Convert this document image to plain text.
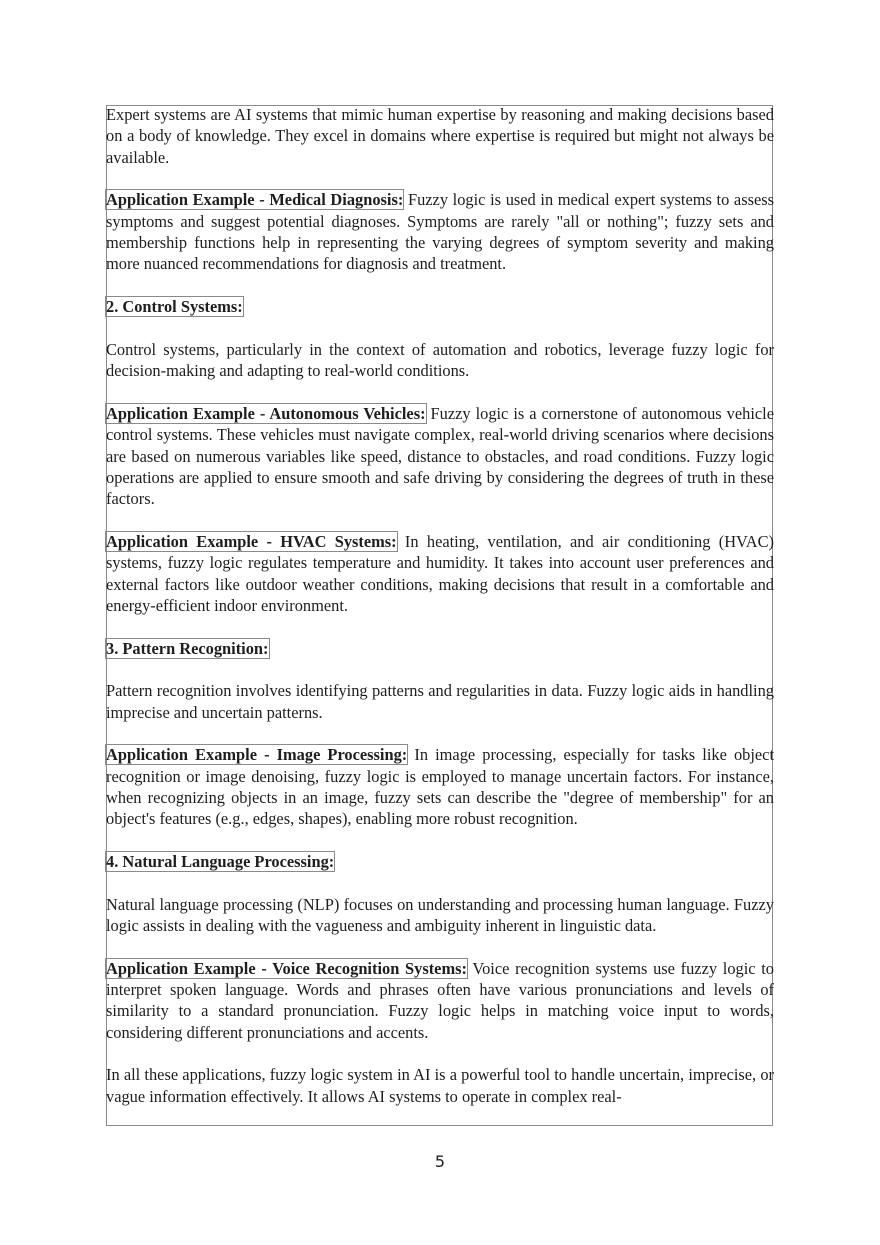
Expert systems are AI systems that mimic human expertise by reasoning and making decisions based on a body of knowledge. They excel in domains where expertise is required but might not always be available.

Application Example - Medical Diagnosis: Fuzzy logic is used in medical expert systems to assess symptoms and suggest potential diagnoses. Symptoms are rarely "all or nothing"; fuzzy sets and membership functions help in representing the varying degrees of symptom severity and making more nuanced recommendations for diagnosis and treatment.

2. Control Systems:

Control systems, particularly in the context of automation and robotics, leverage fuzzy logic for decision-making and adapting to real-world conditions.

Application Example - Autonomous Vehicles: Fuzzy logic is a cornerstone of autonomous vehicle control systems. These vehicles must navigate complex, real-world driving scenarios where decisions are based on numerous variables like speed, distance to obstacles, and road conditions. Fuzzy logic operations are applied to ensure smooth and safe driving by considering the degrees of truth in these factors.

Application Example - HVAC Systems: In heating, ventilation, and air conditioning (HVAC) systems, fuzzy logic regulates temperature and humidity. It takes into account user preferences and external factors like outdoor weather conditions, making decisions that result in a comfortable and energy-efficient indoor environment.

3. Pattern Recognition:

Pattern recognition involves identifying patterns and regularities in data. Fuzzy logic aids in handling imprecise and uncertain patterns.

Application Example - Image Processing: In image processing, especially for tasks like object recognition or image denoising, fuzzy logic is employed to manage uncertain factors. For instance, when recognizing objects in an image, fuzzy sets can describe the "degree of membership" for an object's features (e.g., edges, shapes), enabling more robust recognition.

4. Natural Language Processing:

Natural language processing (NLP) focuses on understanding and processing human language. Fuzzy logic assists in dealing with the vagueness and ambiguity inherent in linguistic data.

Application Example - Voice Recognition Systems: Voice recognition systems use fuzzy logic to interpret spoken language. Words and phrases often have various pronunciations and levels of similarity to a standard pronunciation. Fuzzy logic helps in matching voice input to words, considering different pronunciations and accents.

In all these applications, fuzzy logic system in AI is a powerful tool to handle uncertain, imprecise, or vague information effectively. It allows AI systems to operate in complex real-

5
